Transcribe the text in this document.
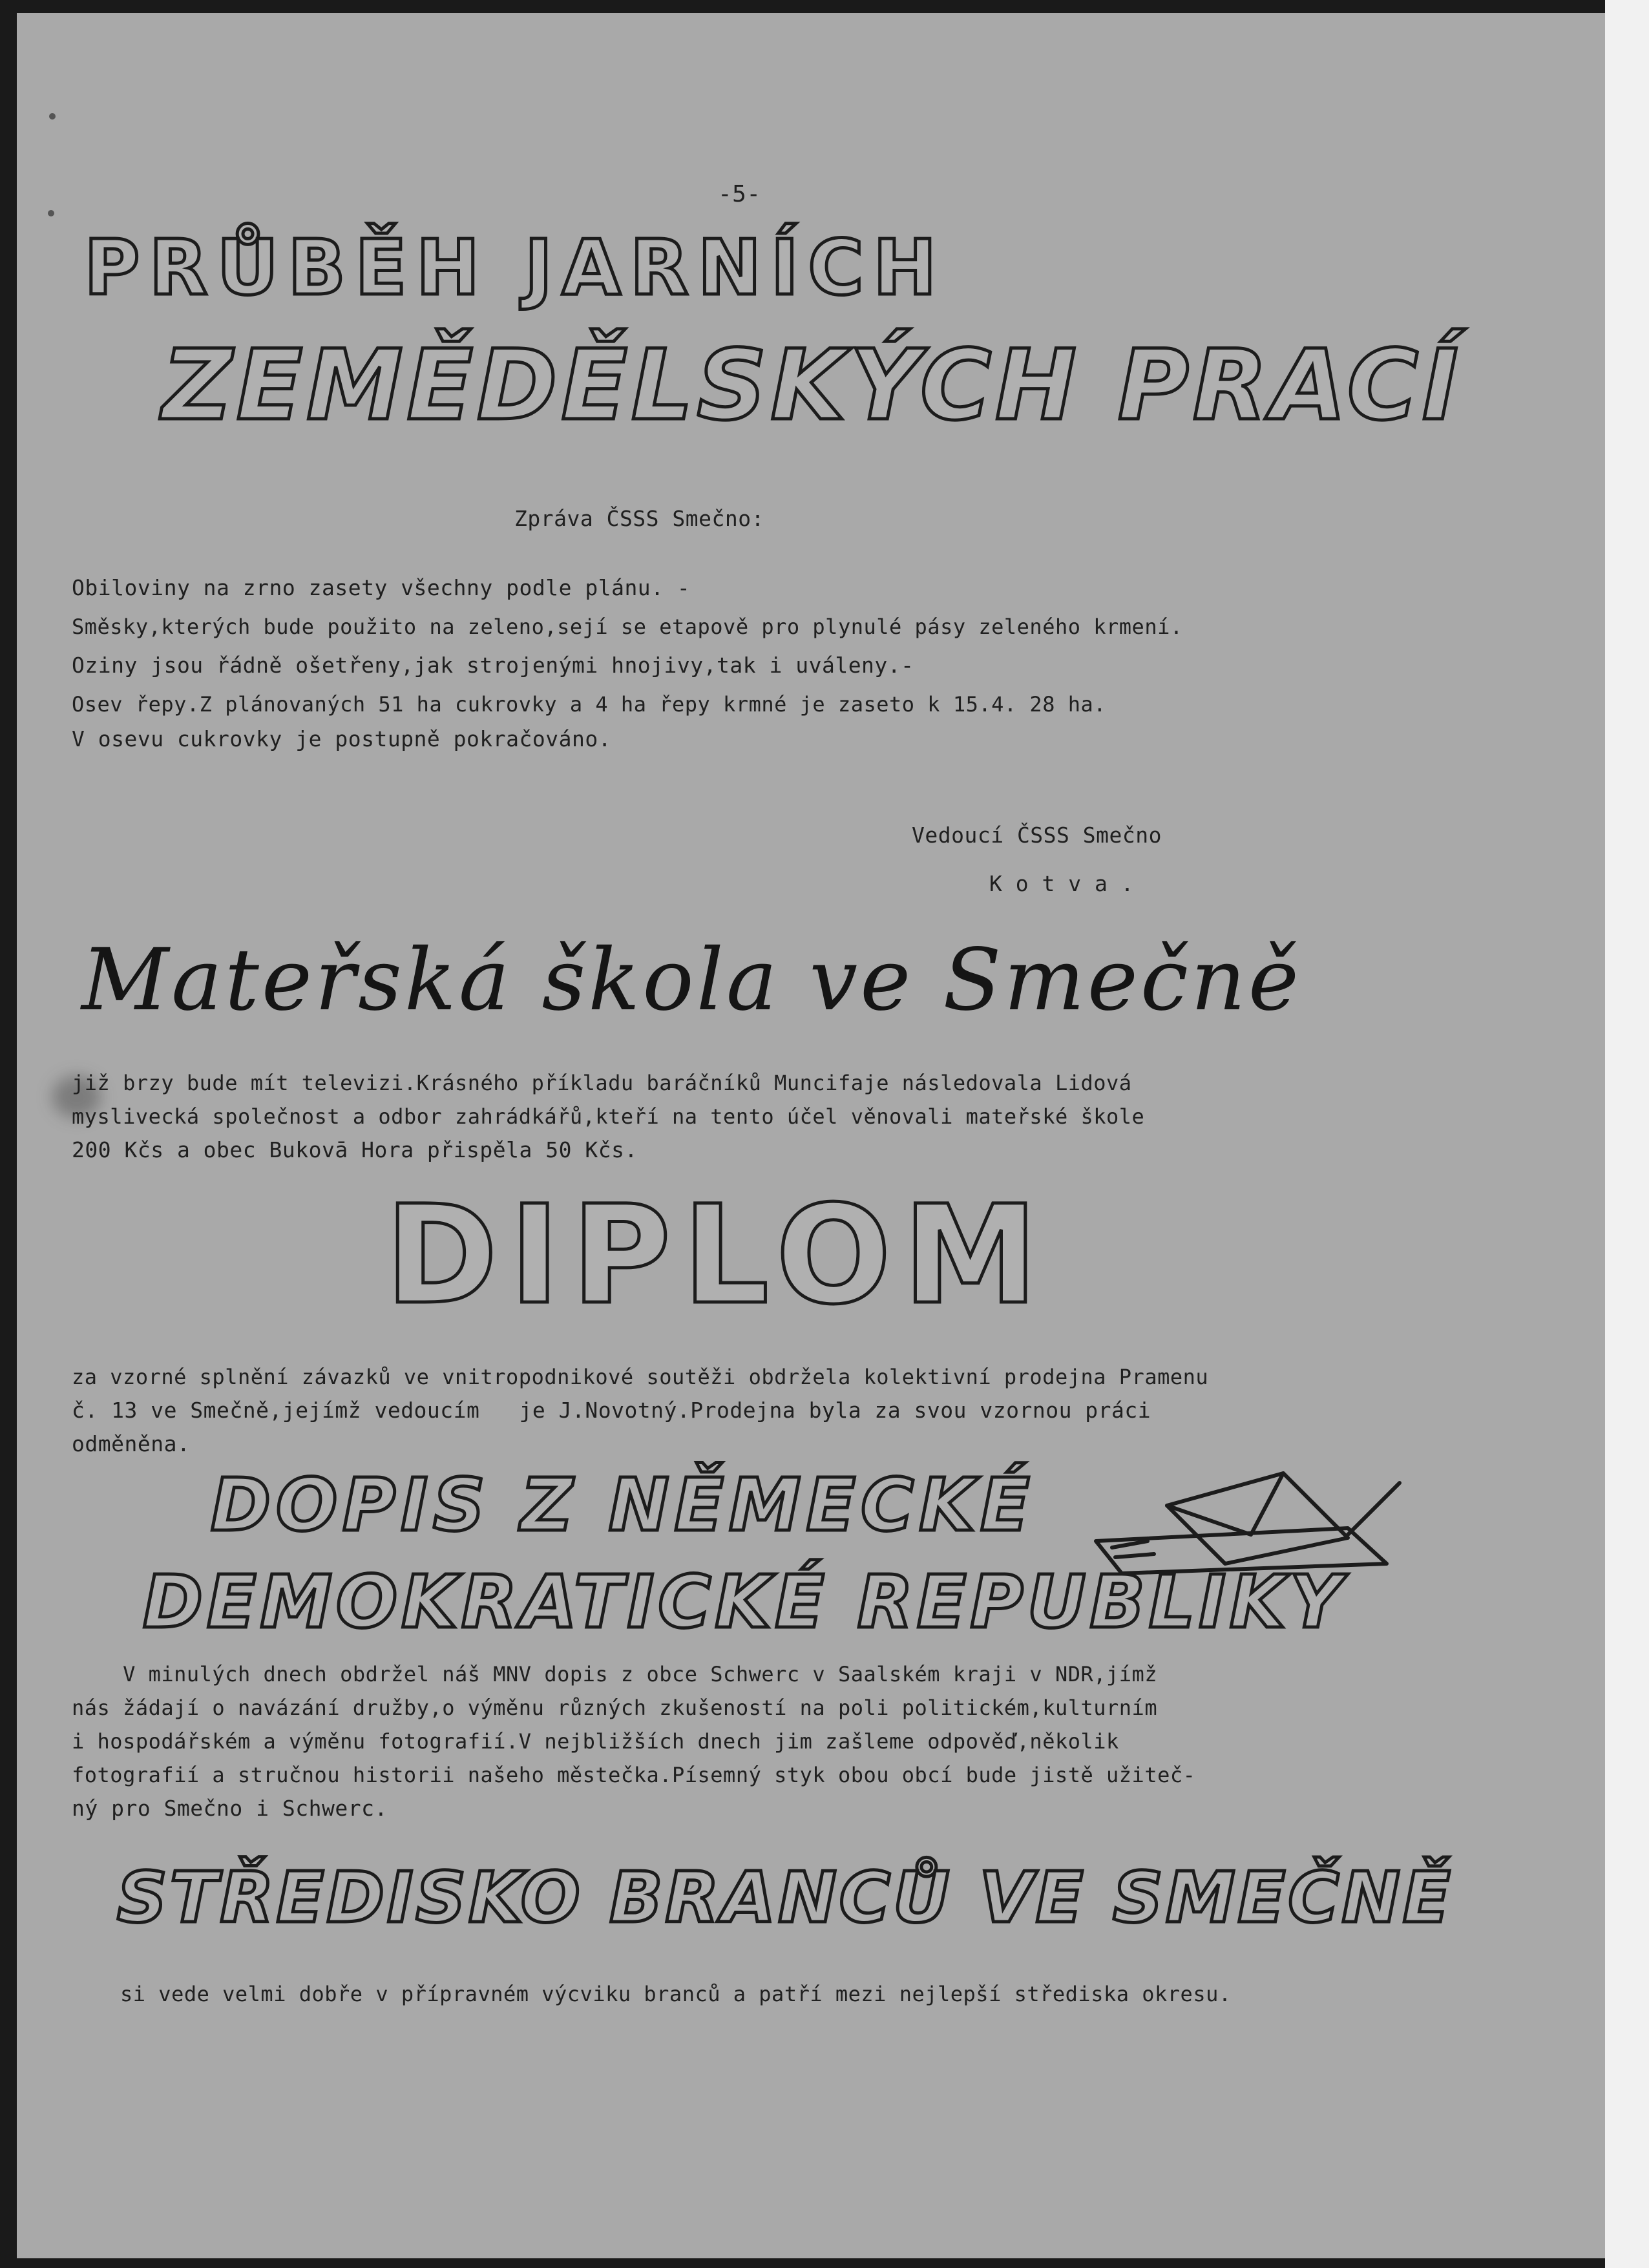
-5-

PRŮBĚH JARNÍCH

ZEMĚDĚLSKÝCH PRACÍ

Zpráva ČSSS Smečno:

Obiloviny na zrno zasety všechny podle plánu. -

Směsky,kterých bude použito na zeleno,sejí se etapově pro plynulé pásy zeleného krmení.

Oziny jsou řádně ošetřeny,jak strojenými hnojivy,tak i uváleny.-

Osev řepy.Z plánovaných 51 ha cukrovky a 4 ha řepy krmné je zaseto k 15.4. 28 ha.

V osevu cukrovky je postupně pokračováno.

Vedoucí ČSSS Smečno

K o t v a .

Mateřská škola ve Smečně

již brzy bude mít televizi.Krásného příkladu baráčníků Muncifaje následovala Lidová

myslivecká společnost a odbor zahrádkářů,kteří na tento účel věnovali mateřské škole

200 Kčs a obec Bukovā Hora přispěla 50 Kčs.

DIPLOM

za vzorné splnění závazků ve vnitropodnikové soutěži obdržela kolektivní prodejna Pramenu

č. 13 ve Smečně,jejímž vedoucím   je J.Novotný.Prodejna byla za svou vzornou práci

odměněna.

DOPIS Z NĚMECKÉ

DEMOKRATICKÉ REPUBLIKY

V minulých dnech obdržel náš MNV dopis z obce Schwerc v Saalském kraji v NDR,jímž

nás žádají o navázání družby,o výměnu různých zkušeností na poli politickém,kulturním

i hospodářském a výměnu fotografií.V nejbližších dnech jim zašleme odpověď,několik

fotografií a stručnou historii našeho městečka.Písemný styk obou obcí bude jistě užiteč-

ný pro Smečno i Schwerc.

STŘEDISKO BRANCŮ VE SMEČNĚ

si vede velmi dobře v přípravném výcviku branců a patří mezi nejlepší střediska okresu.
